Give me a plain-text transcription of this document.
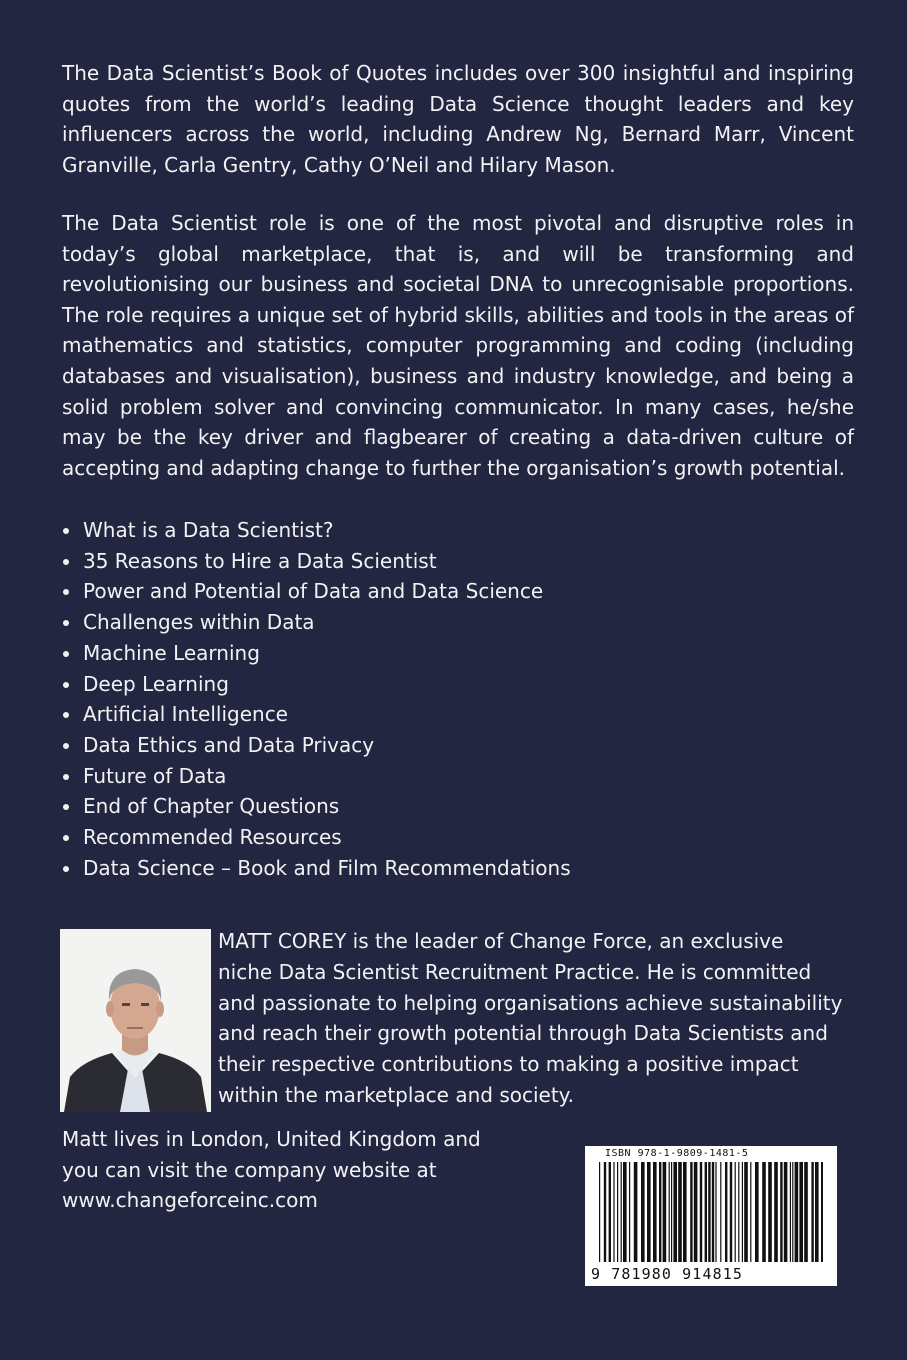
The Data Scientist’s Book of Quotes includes over 300 insightful and inspiring quotes from the world’s leading Data Science thought leaders and key influencers across the world, including Andrew Ng, Bernard Marr, Vincent Granville, Carla Gentry, Cathy O’Neil and Hilary Mason.

The Data Scientist role is one of the most pivotal and disruptive roles in today’s global marketplace, that is, and will be transforming and revolutionising our business and societal DNA to unrecognisable proportions. The role requires a unique set of hybrid skills, abilities and tools in the areas of mathematics and statistics, computer programming and coding (including databases and visualisation), business and industry knowledge, and being a solid problem solver and convincing communicator. In many cases, he/she may be the key driver and flagbearer of creating a data-driven culture of accepting and adapting change to further the organisation’s growth potential.

What is a Data Scientist?
35 Reasons to Hire a Data Scientist
Power and Potential of Data and Data Science
Challenges within Data
Machine Learning
Deep Learning
Artificial Intelligence
Data Ethics and Data Privacy
Future of Data
End of Chapter Questions
Recommended Resources
Data Science – Book and Film Recommendations

MATT COREY is the leader of Change Force, an exclusive
niche Data Scientist Recruitment Practice. He is committed
and passionate to helping organisations achieve sustainability
and reach their growth potential through Data Scientists and
their respective contributions to making a positive impact
within the marketplace and society.

Matt lives in London, United Kingdom and
you can visit the company website at
www.changeforceinc.com

ISBN 978-1-9809-1481-5
9 781980 914815
